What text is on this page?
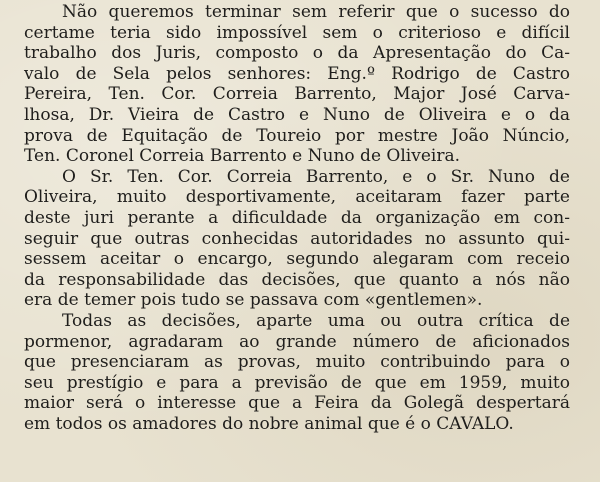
Não queremos terminar sem referir que o sucesso do
certame teria sido impossível sem o criterioso e difícil
trabalho dos Juris, composto o da Apresentação do Ca-
valo de Sela pelos senhores: Eng.º Rodrigo de Castro
Pereira, Ten. Cor. Correia Barrento, Major José Carva-
lhosa, Dr. Vieira de Castro e Nuno de Oliveira e o da
prova de Equitação de Toureio por mestre João Núncio,
Ten. Coronel Correia Barrento e Nuno de Oliveira.
O Sr. Ten. Cor. Correia Barrento, e o Sr. Nuno de
Oliveira, muito desportivamente, aceitaram fazer parte
deste juri perante a dificuldade da organização em con-
seguir que outras conhecidas autoridades no assunto qui-
sessem aceitar o encargo, segundo alegaram com receio
da responsabilidade das decisões, que quanto a nós não
era de temer pois tudo se passava com «gentlemen».
Todas as decisões, aparte uma ou outra crítica de
pormenor, agradaram ao grande número de aficionados
que presenciaram as provas, muito contribuindo para o
seu prestígio e para a previsão de que em 1959, muito
maior será o interesse que a Feira da Golegã despertará
em todos os amadores do nobre animal que é o CAVALO.
